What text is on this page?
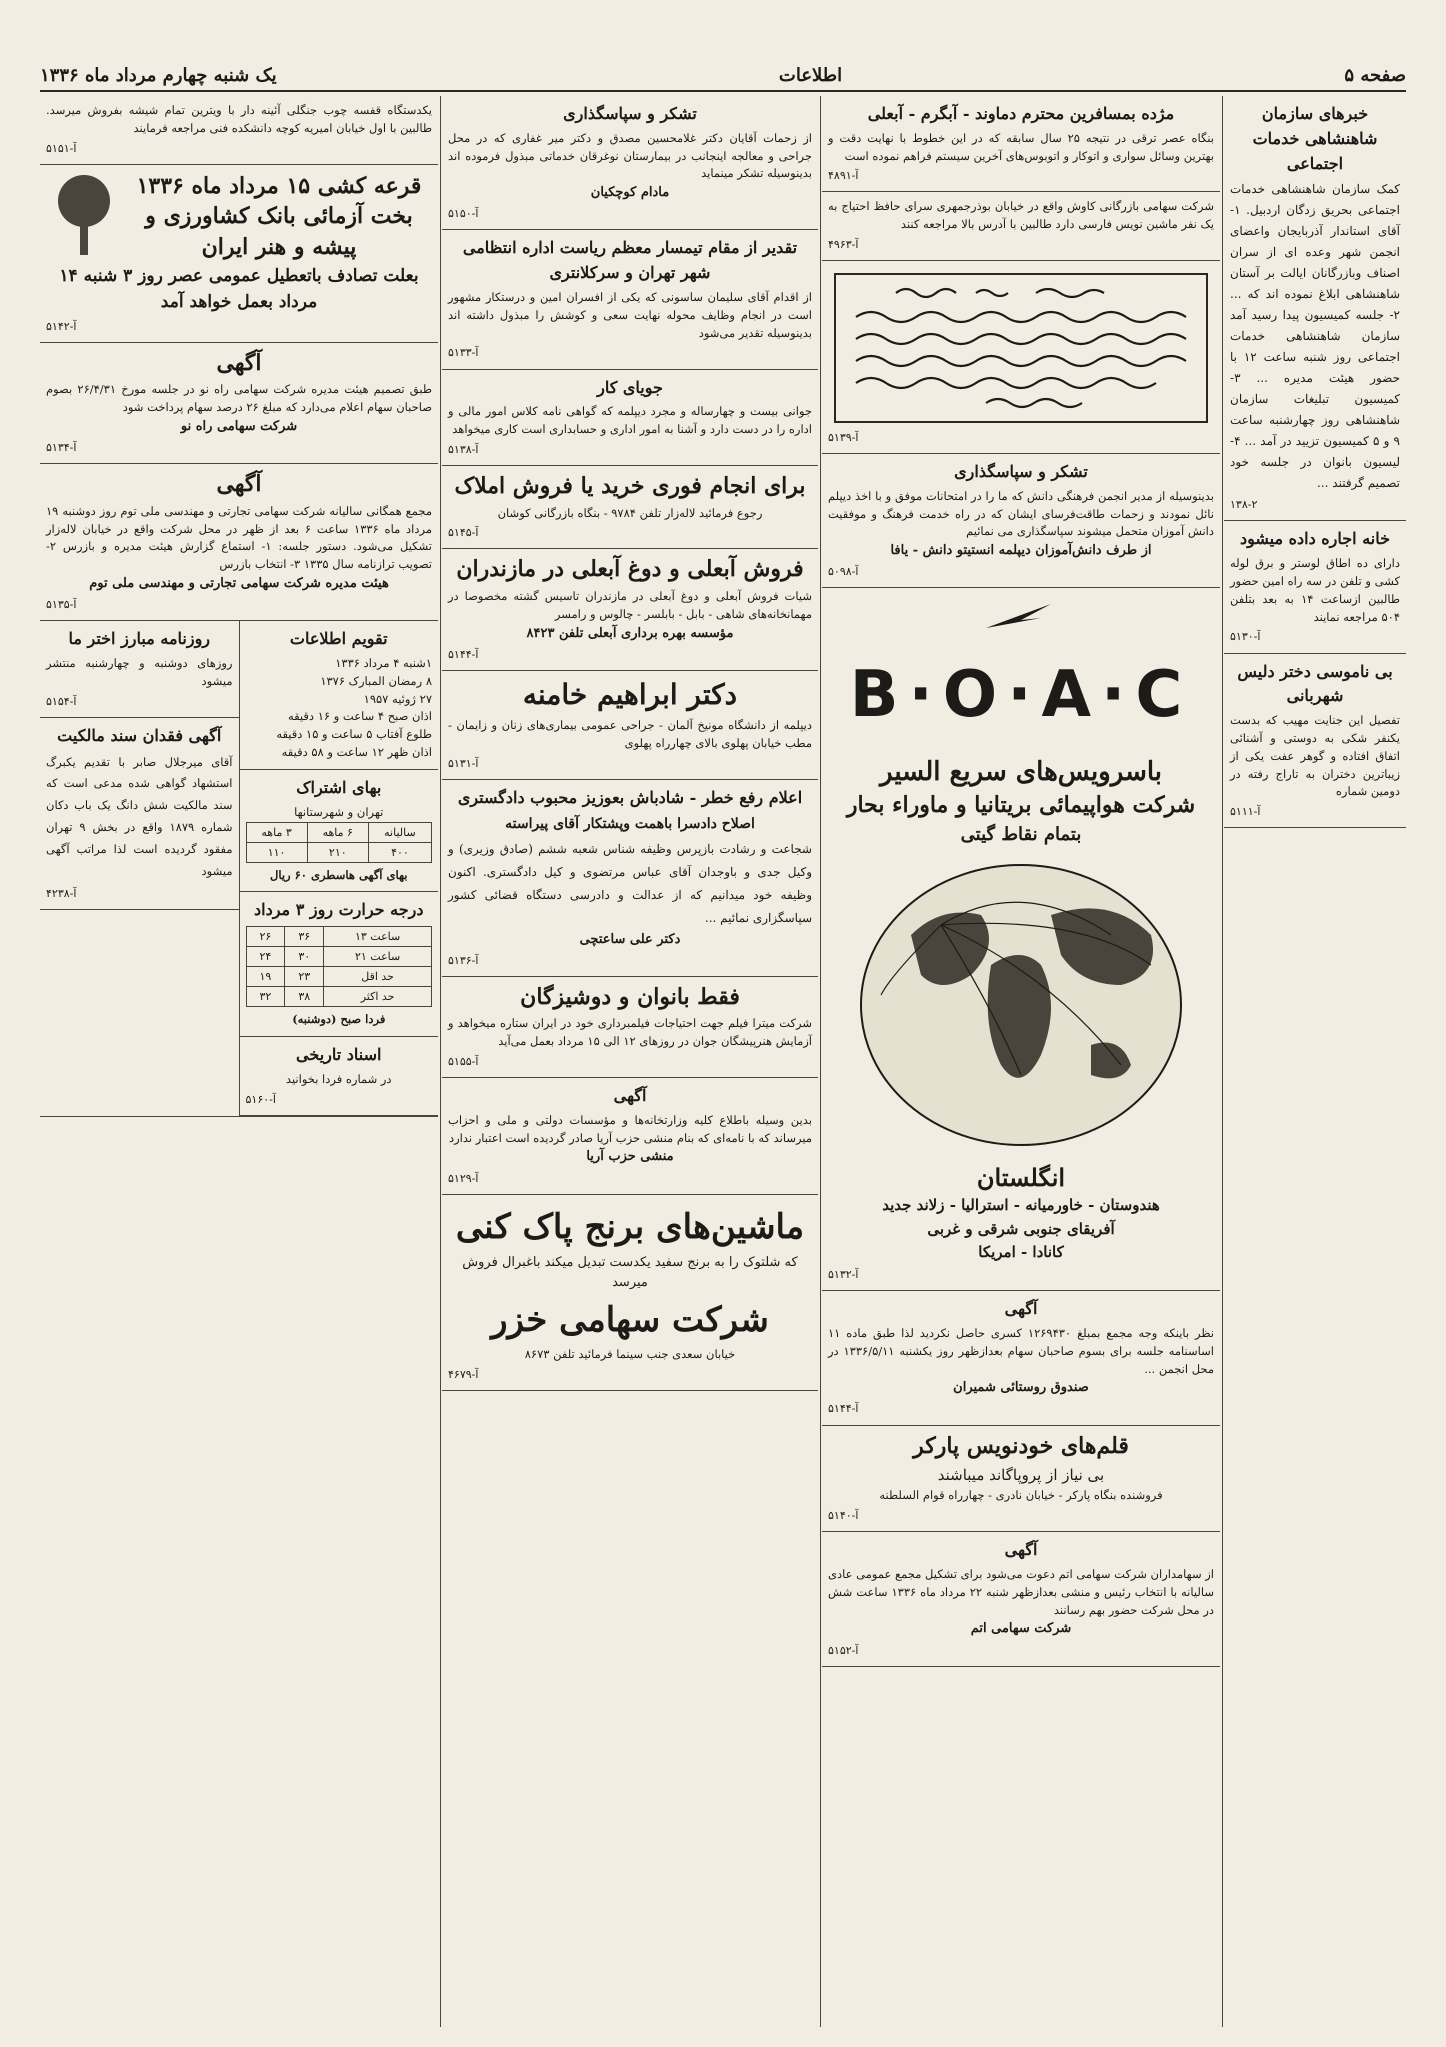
صفحه ۵
اطلاعات
یک شنبه چهارم مرداد ماه ۱۳۳۶
خبرهای سازمان شاهنشاهی خدمات اجتماعی

کمک سازمان شاهنشاهی خدمات اجتماعی بحریق زدگان اردبیل. ۱- آقای استاندار آذربایجان واعضای انجمن شهر وعده ای از سران اصناف وبازرگانان ایالت بر آستان شاهنشاهی ابلاغ نموده اند که ... ۲- جلسه کمیسیون پیدا رسید آمد سازمان شاهنشاهی خدمات اجتماعی روز شنبه ساعت ۱۲ با حضور هیئت مدیره ... ۳- کمیسیون تبلیغات سازمان شاهنشاهی روز چهارشنبه ساعت ۹ و ۵ کمیسیون تزیید در آمد ... ۴- لیسیون بانوان در جلسه خود تصمیم گرفتند ...

۱۳۸-۲
خانه اجاره داده میشود

دارای ده اطاق لوستر و برق لوله کشی و تلفن در سه راه امین حضور طالبین ازساعت ۱۴ به بعد بتلفن ۵۰۴ مراجعه نمایند

آ-۵۱۳۰
بی ناموسی دختر دلیس شهربانی

تفصیل این جنایت مهیب که بدست یکنفر شکی به دوستی و آشنائی اتفاق افتاده و گوهر عفت یکی از زیباترین دختران به تاراج رفته در دومین شماره

آ-۵۱۱۱
مژده بمسافرین محترم دماوند - آبگرم - آبعلی

بنگاه عصر ترقی در نتیجه ۲۵ سال سابقه که در این خطوط با نهایت دقت و بهترین وسائل سواری و اتوکار و اتوبوس‌های آخرین سیستم فراهم نموده است

آ-۴۸۹۱

شرکت سهامی بازرگانی کاوش واقع در خیابان بوذرجمهری سرای حافظ احتیاج به یک نفر ماشین نویس فارسی دارد طالبین با آدرس بالا مراجعه کنند

آ-۴۹۶۳
آ-۵۱۳۹
تشکر و سپاسگذاری

بدینوسیله از مدیر انجمن فرهنگی دانش که ما را در امتحانات موفق و با اخذ دیپلم نائل نمودند و زحمات طاقت‌فرسای ایشان که در راه خدمت فرهنگ و موفقیت دانش آموزان متحمل میشوند سپاسگذاری می نمائیم

از طرف دانش‌آموزان دیپلمه انستیتو دانش - یافا

آ-۵۰۹۸
B·O·A·C
باسرویس‌های سریع السیر
شرکت هواپیمائی بریتانیا و ماوراء بحار
بتمام نقاط گیتی
انگلستان
هندوستان - خاورمیانه - استرالیا - زلاند جدید
آفریقای جنوبی شرقی و غربی
کانادا - امریکا
آ-۵۱۳۲
آگهی

نظر باینکه وجه مجمع بمبلغ ۱۲۶۹۴۳۰ کسری حاصل نکردید لذا طبق ماده ۱۱ اساسنامه جلسه برای بسوم صاحبان سهام بعدازظهر روز یکشنبه ۱۳۳۶/۵/۱۱ در محل انجمن ...

صندوق روستائی شمیران

آ-۵۱۴۴
قلم‌های خودنویس پارکر

بی نیاز از پروپاگاند میباشند

فروشنده بنگاه پارکر - خیابان نادری - چهارراه قوام السلطنه

آ-۵۱۴۰
آگهی

از سهامداران شرکت سهامی اتم دعوت می‌شود برای تشکیل مجمع عمومی عادی سالیانه با انتخاب رئیس و منشی بعدازظهر شنبه ۲۲ مرداد ماه ۱۳۳۶ ساعت شش در محل شرکت حضور بهم رسانند

شرکت سهامی اتم

آ-۵۱۵۲
تشکر و سپاسگذاری

از زحمات آقایان دکتر غلامحسین مصدق و دکتر میر غفاری که در محل جراحی و معالجه اینجانب در بیمارستان نوغرقان خدماتی مبذول فرموده اند بدینوسیله تشکر مینماید

مادام کوچکیان

آ-۵۱۵۰
تقدیر از مقام تیمسار معظم ریاست اداره انتظامی شهر تهران و سرکلانتری

از اقدام آقای سلیمان ساسونی که یکی از افسران امین و درستکار مشهور است در انجام وظایف محوله نهایت سعی و کوشش را مبذول داشته اند بدینوسیله تقدیر می‌شود

آ-۵۱۳۳
جویای کار

جوانی بیست و چهارساله و مجرد دیپلمه که گواهی نامه کلاس امور مالی و اداره را در دست دارد و آشنا به امور اداری و حسابداری است کاری میخواهد

آ-۵۱۳۸
برای انجام فوری خرید یا فروش املاک

رجوع فرمائید لاله‌زار تلفن ۹۷۸۴ - بنگاه بازرگانی کوشان

آ-۵۱۴۵
فروش آبعلی و دوغ آبعلی در مازندران

شیات فروش آبعلی و دوغ آبعلی در مازندران تاسیس گشته مخصوصا در مهمانخانه‌های شاهی - بابل - بابلسر - چالوس و رامسر

مؤسسه بهره برداری آبعلی تلفن ۸۴۲۳

آ-۵۱۴۴
دکتر ابراهیم خامنه

دیپلمه از دانشگاه مونیخ آلمان - جراحی عمومی بیماری‌های زنان و زایمان - مطب خیابان پهلوی بالای چهارراه پهلوی

آ-۵۱۳۱
اعلام رفع خطر - شادباش بعوزیز محبوب دادگستری
اصلاح دادسرا باهمت وپشتکار آقای پیراسته

شجاعت و رشادت بازپرس وظیفه شناس شعبه ششم (صادق وزیری) و وکیل جدی و باوجدان آقای عباس مرتضوی و کیل دادگستری. اکنون وظیفه خود میدانیم که از عدالت و دادرسی دستگاه قضائی کشور سپاسگزاری نمائیم ...

دکتر علی ساعتچی

آ-۵۱۳۶
فقط بانوان و دوشیزگان

شرکت میترا فیلم جهت احتیاجات فیلمبرداری خود در ایران ستاره میخواهد و آزمایش هنرپیشگان جوان در روزهای ۱۲ الی ۱۵ مرداد بعمل می‌آید

آ-۵۱۵۵
آگهی

بدین وسیله باطلاع کلیه وزارتخانه‌ها و مؤسسات دولتی و ملی و احزاب میرساند که با نامه‌ای که بنام منشی حزب آریا صادر گردیده است اعتبار ندارد

منشی حزب آریا

آ-۵۱۲۹
ماشین‌های برنج پاک کنی

که شلتوک را به برنج سفید یکدست تبدیل میکند باغبرال فروش میرسد

شرکت سهامی خزر

خیابان سعدی جنب سینما فرمائید تلفن ۸۶۷۳

آ-۴۶۷۹

یکدستگاه قفسه چوب جنگلی آئینه دار با ویترین تمام شیشه بفروش میرسد. طالبین با اول خیابان امیریه کوچه دانشکده فنی مراجعه فرمایند

آ-۵۱۵۱
قرعه کشی ۱۵ مرداد ماه ۱۳۳۶ بخت آزمائی بانک کشاورزی و پیشه و هنر ایران

بعلت تصادف باتعطیل عمومی عصر روز ۳ شنبه ۱۴ مرداد بعمل خواهد آمد

آ-۵۱۴۲
آگهی

طبق تصمیم هیئت مدیره شرکت سهامی راه نو در جلسه مورخ ۲۶/۴/۳۱ بصوم صاحبان سهام اعلام می‌دارد که مبلغ ۲۶ درصد سهام پرداخت شود

شرکت سهامی راه نو

آ-۵۱۳۴
آگهی

مجمع همگانی سالیانه شرکت سهامی تجارتی و مهندسی ملی توم روز دوشنبه ۱۹ مرداد ماه ۱۳۳۶ ساعت ۶ بعد از ظهر در محل شرکت واقع در خیابان لاله‌زار تشکیل می‌شود. دستور جلسه: ۱- استماع گزارش هیئت مدیره و بازرس ۲- تصویب ترازنامه سال ۱۳۳۵ ۳- انتخاب بازرس

هیئت مدیره شرکت سهامی تجارتی و مهندسی ملی توم

آ-۵۱۳۵
تقویم اطلاعات

۱شنبه ۴ مرداد ۱۳۳۶

۸ رمضان المبارک ۱۳۷۶

۲۷ ژوئیه ۱۹۵۷

اذان صبح ۴ ساعت و ۱۶ دقیقه

طلوع آفتاب ۵ ساعت و ۱۵ دقیقه

اذان ظهر ۱۲ ساعت و ۵۸ دقیقه

بهای اشتراک

تهران و شهرستانها

سالیانه	۶ ماهه	۳ ماهه
۴۰۰	۲۱۰	۱۱۰

بهای آگهی هاسطری ۶۰ ریال

درجه حرارت روز ۳ مرداد
ساعت ۱۳	۳۶	۲۶
ساعت ۲۱	۳۰	۲۴
حد اقل	۲۳	۱۹
حد اکثر	۳۸	۳۲

فردا صبح (دوشنبه)

اسناد تاریخی

در شماره فردا بخوانید

آ-۵۱۶۰
روزنامه مبارز اختر ما

روزهای دوشنبه و چهارشنبه منتشر میشود

آ-۵۱۵۴
آگهی فقدان سند مالکیت

آقای میرجلال صابر با تقدیم یکبرگ استشهاد گواهی شده مدعی است که سند مالکیت شش دانگ یک باب دکان شماره ۱۸۷۹ واقع در بخش ۹ تهران مفقود گردیده است لذا مراتب آگهی میشود

آ-۴۲۳۸
